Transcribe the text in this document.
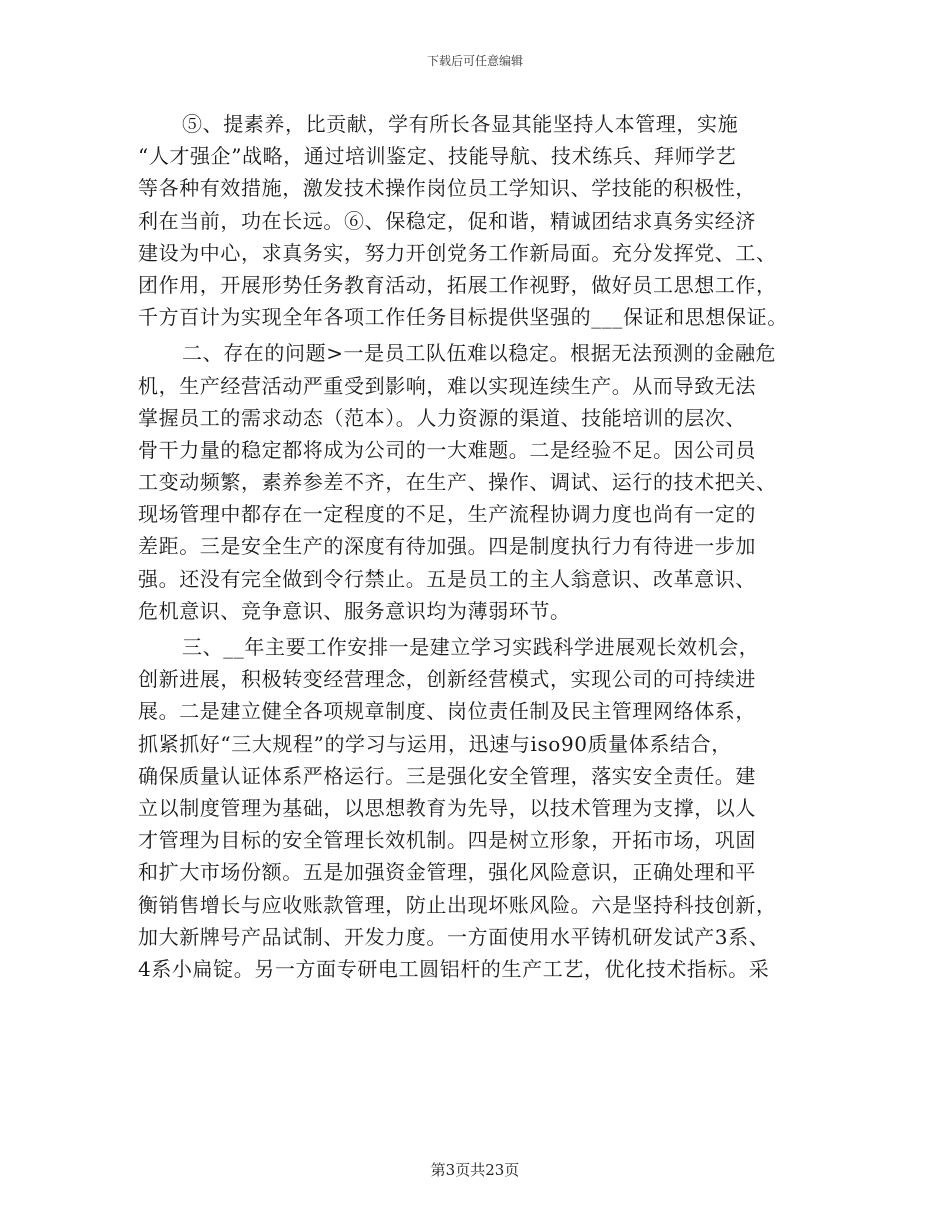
下载后可任意编辑
⑤、提素养，比贡献，学有所长各显其能坚持人本管理，实施
“人才强企”战略，通过培训鉴定、技能导航、技术练兵、拜师学艺
等各种有效措施，激发技术操作岗位员工学知识、学技能的积极性，
利在当前，功在长远。⑥、保稳定，促和谐，精诚团结求真务实经济
建设为中心，求真务实，努力开创党务工作新局面。充分发挥党、工、
团作用，开展形势任务教育活动，拓展工作视野，做好员工思想工作，
千方百计为实现全年各项工作任务目标提供坚强的___保证和思想保证。
二、存在的问题>一是员工队伍难以稳定。根据无法预测的金融危
机，生产经营活动严重受到影响，难以实现连续生产。从而导致无法
掌握员工的需求动态（范本）。人力资源的渠道、技能培训的层次、
骨干力量的稳定都将成为公司的一大难题。二是经验不足。因公司员
工变动频繁，素养参差不齐，在生产、操作、调试、运行的技术把关、
现场管理中都存在一定程度的不足，生产流程协调力度也尚有一定的
差距。三是安全生产的深度有待加强。四是制度执行力有待进一步加
强。还没有完全做到令行禁止。五是员工的主人翁意识、改革意识、
危机意识、竞争意识、服务意识均为薄弱环节。
三、__年主要工作安排一是建立学习实践科学进展观长效机会，
创新进展，积极转变经营理念，创新经营模式，实现公司的可持续进
展。二是建立健全各项规章制度、岗位责任制及民主管理网络体系，
抓紧抓好“三大规程”的学习与运用，迅速与iso90质量体系结合，
确保质量认证体系严格运行。三是强化安全管理，落实安全责任。建
立以制度管理为基础，以思想教育为先导，以技术管理为支撑，以人
才管理为目标的安全管理长效机制。四是树立形象，开拓市场，巩固
和扩大市场份额。五是加强资金管理，强化风险意识，正确处理和平
衡销售增长与应收账款管理，防止出现坏账风险。六是坚持科技创新，
加大新牌号产品试制、开发力度。一方面使用水平铸机研发试产3系、
4系小扁锭。另一方面专研电工圆铝杆的生产工艺，优化技术指标。采
第3页共23页
